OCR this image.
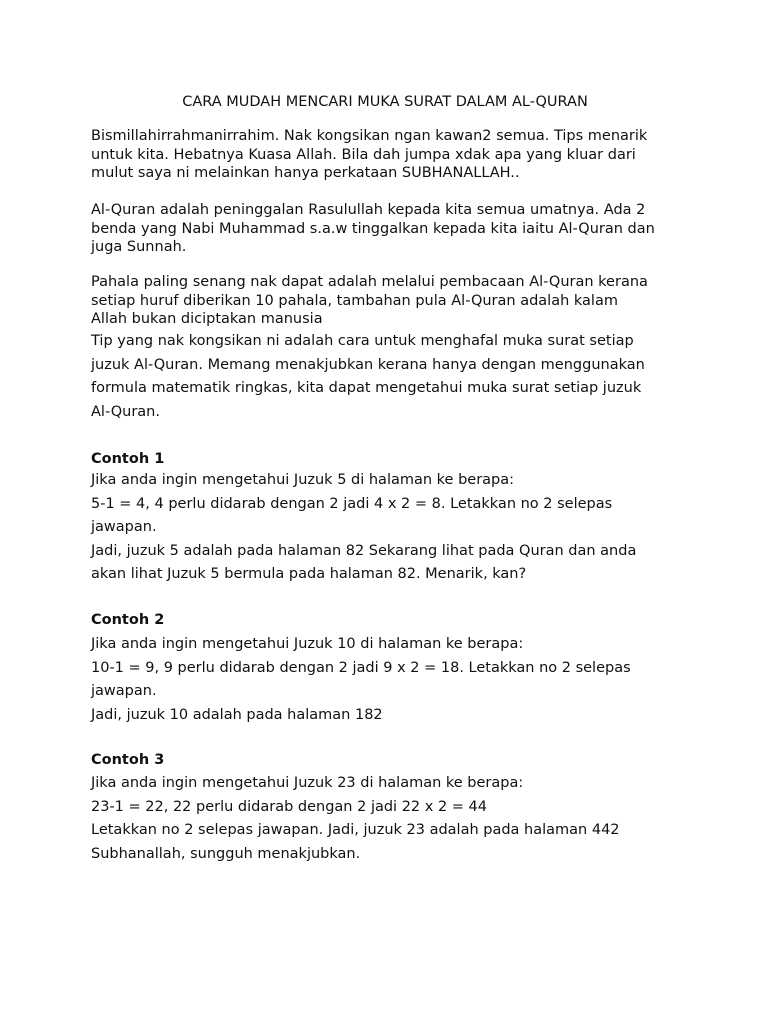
CARA MUDAH MENCARI MUKA SURAT DALAM AL-QURAN

Bismillahirrahmanirrahim. Nak kongsikan ngan kawan2 semua. Tips menarik
untuk kita. Hebatnya Kuasa Allah. Bila dah jumpa xdak apa yang kluar dari
mulut saya ni melainkan hanya perkataan SUBHANALLAH..

Al-Quran adalah peninggalan Rasulullah kepada kita semua umatnya. Ada 2
benda yang Nabi Muhammad s.a.w tinggalkan kepada kita iaitu Al-Quran dan
juga Sunnah.

Pahala paling senang nak dapat adalah melalui pembacaan Al-Quran kerana
setiap huruf diberikan 10 pahala, tambahan pula Al-Quran adalah kalam
Allah bukan diciptakan manusia

Tip yang nak kongsikan ni adalah cara untuk menghafal muka surat setiap
juzuk Al-Quran. Memang menakjubkan kerana hanya dengan menggunakan
formula matematik ringkas, kita dapat mengetahui muka surat setiap juzuk
Al-Quran.

Contoh 1

Jika anda ingin mengetahui Juzuk 5 di halaman ke berapa:
5-1 = 4, 4 perlu didarab dengan 2 jadi 4 x 2 = 8. Letakkan no 2 selepas
jawapan.
Jadi, juzuk 5 adalah pada halaman 82 Sekarang lihat pada Quran dan anda
akan lihat Juzuk 5 bermula pada halaman 82. Menarik, kan?

Contoh 2

Jika anda ingin mengetahui Juzuk 10 di halaman ke berapa:
10-1 = 9, 9 perlu didarab dengan 2 jadi 9 x 2 = 18. Letakkan no 2 selepas
jawapan.
Jadi, juzuk 10 adalah pada halaman 182

Contoh 3

Jika anda ingin mengetahui Juzuk 23 di halaman ke berapa:
23-1 = 22, 22 perlu didarab dengan 2 jadi 22 x 2 = 44
Letakkan no 2 selepas jawapan. Jadi, juzuk 23 adalah pada halaman 442
Subhanallah, sungguh menakjubkan.
